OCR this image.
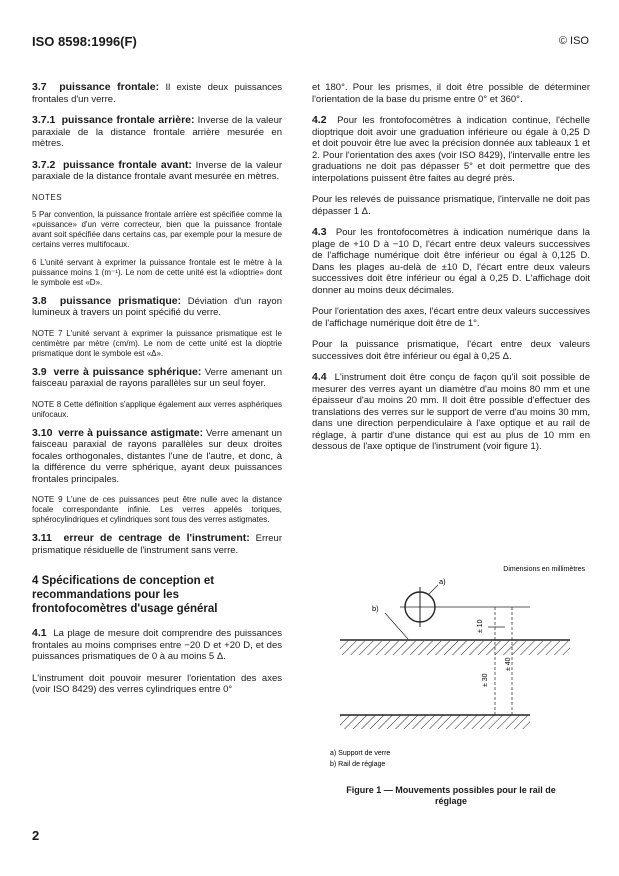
ISO 8598:1996(F)	© ISO

3.7 puissance frontale: Il existe deux puissances frontales d'un verre.

3.7.1 puissance frontale arrière: Inverse de la valeur paraxiale de la distance frontale arrière mesurée en mètres.

3.7.2 puissance frontale avant: Inverse de la valeur paraxiale de la distance frontale avant mesurée en mètres.

NOTES

5 Par convention, la puissance frontale arrière est spécifiée comme la «puissance» d'un verre correcteur, bien que la puissance frontale avant soit spécifiée dans certains cas, par exemple pour la mesure de certains verres multifocaux.

6 L'unité servant à exprimer la puissance frontale est le mètre à la puissance moins 1 (m⁻¹). Le nom de cette unité est la «dioptrie» dont le symbole est «D».

3.8 puissance prismatique: Déviation d'un rayon lumineux à travers un point spécifié du verre.

NOTE 7 L'unité servant à exprimer la puissance prismatique est le centimètre par mètre (cm/m). Le nom de cette unité est la dioptrie prismatique dont le symbole est «Δ».

3.9 verre à puissance sphérique: Verre amenant un faisceau paraxial de rayons parallèles sur un seul foyer.

NOTE 8 Cette définition s'applique également aux verres asphériques unifocaux.

3.10 verre à puissance astigmate: Verre amenant un faisceau paraxial de rayons parallèles sur deux droites focales orthogonales, distantes l'une de l'autre, et donc, à la différence du verre sphérique, ayant deux puissances frontales principales.

NOTE 9 L'une de ces puissances peut être nulle avec la distance focale correspondante infinie. Les verres appelés toriques, sphérocylindriques et cylindriques sont tous des verres astigmates.

3.11 erreur de centrage de l'instrument: Erreur prismatique résiduelle de l'instrument sans verre.

4 Spécifications de conception et
recommandations pour les
frontofocomètres d'usage général

4.1 La plage de mesure doit comprendre des puissances frontales au moins comprises entre −20 D et +20 D, et des puissances prismatiques de 0 à au moins 5 Δ.

L'instrument doit pouvoir mesurer l'orientation des axes (voir ISO 8429) des verres cylindriques entre 0°

et 180°. Pour les prismes, il doit être possible de déterminer l'orientation de la base du prisme entre 0° et 360°.

4.2 Pour les frontofocomètres à indication continue, l'échelle dioptrique doit avoir une graduation inférieure ou égale à 0,25 D et doit pouvoir être lue avec la précision donnée aux tableaux 1 et 2. Pour l'orientation des axes (voir ISO 8429), l'intervalle entre les graduations ne doit pas dépasser 5° et doit permettre que des interpolations puissent être faites au degré près.

Pour les relevés de puissance prismatique, l'intervalle ne doit pas dépasser 1 Δ.

4.3 Pour les frontofocomètres à indication numérique dans la plage de +10 D à −10 D, l'écart entre deux valeurs successives de l'affichage numérique doit être inférieur ou égal à 0,125 D. Dans les plages au-delà de ±10 D, l'écart entre deux valeurs successives doit être inférieur ou égal à 0,25 D. L'affichage doit donner au moins deux décimales.

Pour l'orientation des axes, l'écart entre deux valeurs successives de l'affichage numérique doit être de 1°.

Pour la puissance prismatique, l'écart entre deux valeurs successives doit être inférieur ou égal à 0,25 Δ.

4.4 L'instrument doit être conçu de façon qu'il soit possible de mesurer des verres ayant un diamètre d'au moins 80 mm et une épaisseur d'au moins 20 mm. Il doit être possible d'effectuer des translations des verres sur le support de verre d'au moins 30 mm, dans une direction perpendiculaire à l'axe optique et au rail de réglage, à partir d'une distance qui est au plus de 10 mm en dessous de l'axe optique de l'instrument (voir figure 1).

Dimensions en millimètres
a)
b)
± 10
± 30
± 40
a) Support de verre
b) Rail de réglage
Figure 1 — Mouvements possibles pour le rail de
réglage
2
